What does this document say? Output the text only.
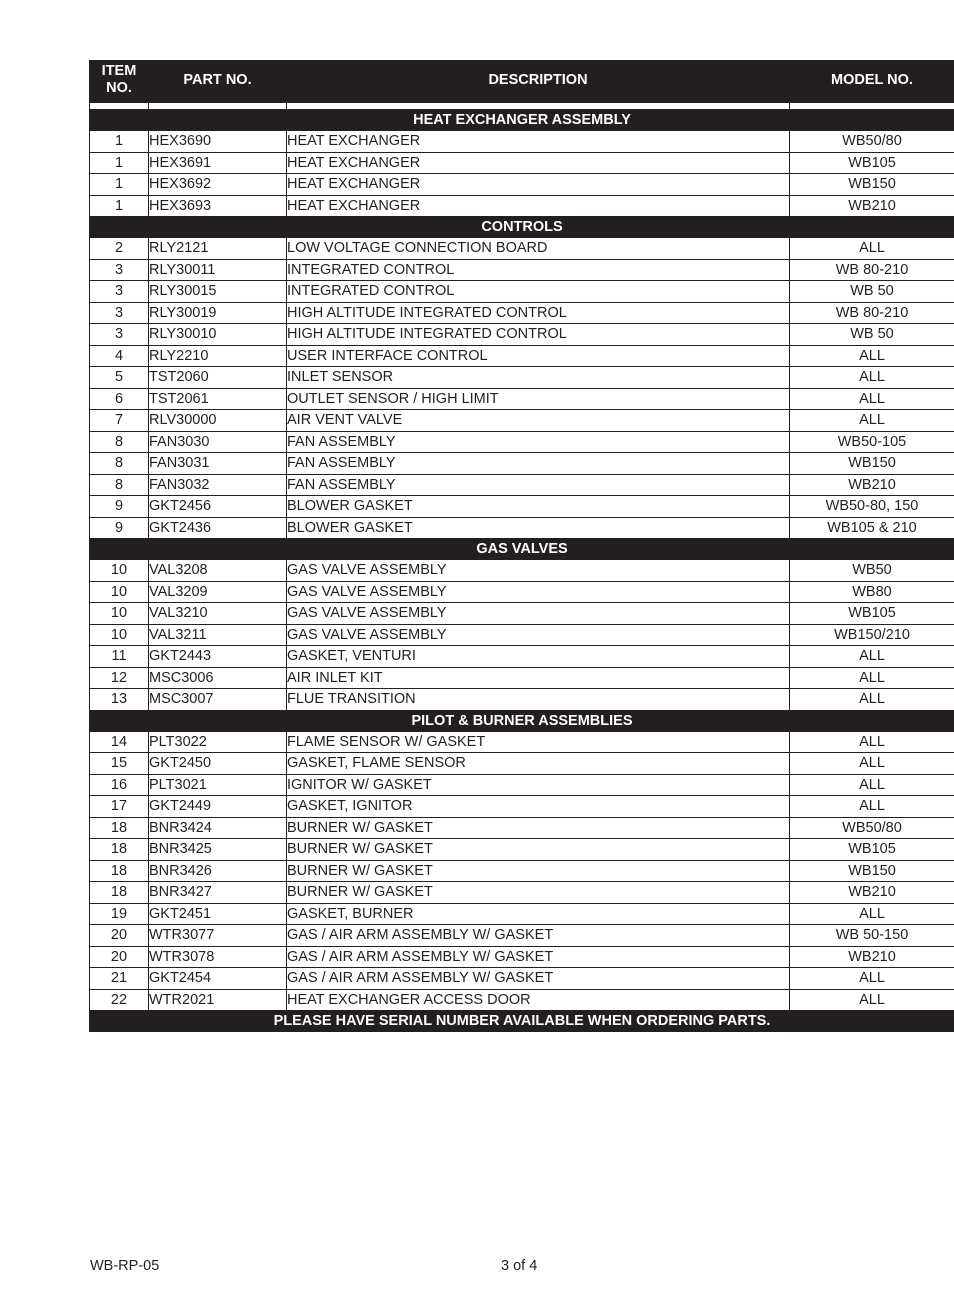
ITEM
NO.	PART NO.	DESCRIPTION	MODEL NO.

HEAT EXCHANGER ASSEMBLY			
1	HEX3690	HEAT EXCHANGER	WB50/80
1	HEX3691	HEAT EXCHANGER	WB105
1	HEX3692	HEAT EXCHANGER	WB150
1	HEX3693	HEAT EXCHANGER	WB210
CONTROLS			
2	RLY2121	LOW VOLTAGE CONNECTION BOARD	ALL
3	RLY30011	INTEGRATED CONTROL	WB 80-210
3	RLY30015	INTEGRATED CONTROL	WB 50
3	RLY30019	HIGH ALTITUDE INTEGRATED CONTROL	WB 80-210
3	RLY30010	HIGH ALTITUDE INTEGRATED CONTROL	WB 50
4	RLY2210	USER INTERFACE CONTROL	ALL
5	TST2060	INLET SENSOR	ALL
6	TST2061	OUTLET SENSOR / HIGH LIMIT	ALL
7	RLV30000	AIR VENT VALVE	ALL
8	FAN3030	FAN ASSEMBLY	WB50-105
8	FAN3031	FAN ASSEMBLY	WB150
8	FAN3032	FAN ASSEMBLY	WB210
9	GKT2456	BLOWER GASKET	WB50-80, 150
9	GKT2436	BLOWER GASKET	WB105 & 210
GAS VALVES			
10	VAL3208	GAS VALVE ASSEMBLY	WB50
10	VAL3209	GAS VALVE ASSEMBLY	WB80
10	VAL3210	GAS VALVE ASSEMBLY	WB105
10	VAL3211	GAS VALVE ASSEMBLY	WB150/210
11	GKT2443	GASKET, VENTURI	ALL
12	MSC3006	AIR INLET KIT	ALL
13	MSC3007	FLUE TRANSITION	ALL
PILOT & BURNER ASSEMBLIES			
14	PLT3022	FLAME SENSOR W/ GASKET	ALL
15	GKT2450	GASKET, FLAME SENSOR	ALL
16	PLT3021	IGNITOR W/ GASKET	ALL
17	GKT2449	GASKET, IGNITOR	ALL
18	BNR3424	BURNER W/ GASKET	WB50/80
18	BNR3425	BURNER W/ GASKET	WB105
18	BNR3426	BURNER W/ GASKET	WB150
18	BNR3427	BURNER W/ GASKET	WB210
19	GKT2451	GASKET, BURNER	ALL
20	WTR3077	GAS / AIR ARM ASSEMBLY W/ GASKET	WB 50-150
20	WTR3078	GAS / AIR ARM ASSEMBLY W/ GASKET	WB210
21	GKT2454	GAS / AIR ARM ASSEMBLY W/ GASKET	ALL
22	WTR2021	HEAT EXCHANGER ACCESS DOOR	ALL
PLEASE HAVE SERIAL NUMBER AVAILABLE WHEN ORDERING PARTS.			
WB-RP-05	3 of 4
